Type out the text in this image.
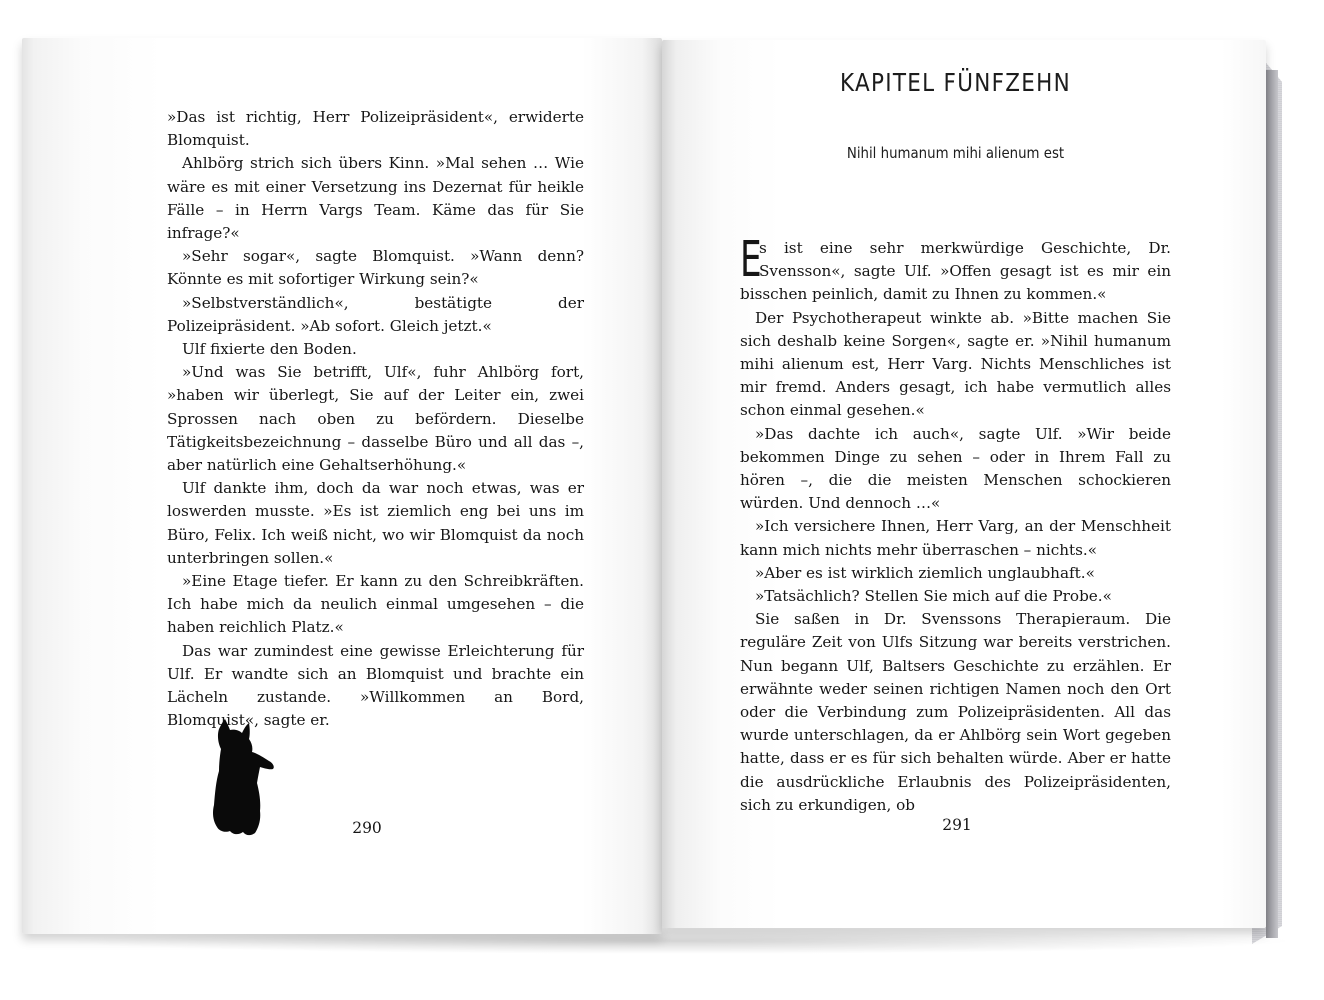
»Das ist richtig, Herr Polizeipräsident«, erwiderte Blomquist.

Ahlbörg strich sich übers Kinn. »Mal sehen … Wie wäre es mit einer Versetzung ins Dezernat für heikle Fälle – in Herrn Vargs Team. Käme das für Sie infrage?«

»Sehr sogar«, sagte Blomquist. »Wann denn? Könnte es mit sofortiger Wirkung sein?«

»Selbstverständlich«, bestätigte der Polizeipräsident. »Ab sofort. Gleich jetzt.«

Ulf fixierte den Boden.

»Und was Sie betrifft, Ulf«, fuhr Ahlbörg fort, »haben wir überlegt, Sie auf der Leiter ein, zwei Sprossen nach oben zu befördern. Dieselbe Tätigkeitsbezeichnung – dasselbe Büro und all das –, aber natürlich eine Gehaltserhöhung.«

Ulf dankte ihm, doch da war noch etwas, was er loswerden musste. »Es ist ziemlich eng bei uns im Büro, Felix. Ich weiß nicht, wo wir Blomquist da noch unterbringen sollen.«

»Eine Etage tiefer. Er kann zu den Schreibkräften. Ich habe mich da neulich einmal umgesehen – die haben reichlich Platz.«

Das war zumindest eine gewisse Erleichterung für Ulf. Er wandte sich an Blomquist und brachte ein Lächeln zustande. »Willkommen an Bord, Blomquist«, sagte er.

290
KAPITEL FÜNFZEHN
Nihil humanum mihi alienum est

E
s ist eine sehr merkwürdige Geschichte, Dr. Svensson«, sagte Ulf. »Offen gesagt ist es mir ein bisschen peinlich, damit zu Ihnen zu kommen.«

Der Psychotherapeut winkte ab. »Bitte machen Sie sich deshalb keine Sorgen«, sagte er. »Nihil humanum mihi alienum est, Herr Varg. Nichts Menschliches ist mir fremd. Anders gesagt, ich habe vermutlich alles schon einmal gesehen.«

»Das dachte ich auch«, sagte Ulf. »Wir beide bekommen Dinge zu sehen – oder in Ihrem Fall zu hören –, die die meisten Menschen schockieren würden. Und dennoch …«

»Ich versichere Ihnen, Herr Varg, an der Menschheit kann mich nichts mehr überraschen – nichts.«

»Aber es ist wirklich ziemlich unglaubhaft.«

»Tatsächlich? Stellen Sie mich auf die Probe.«

Sie saßen in Dr. Svenssons Therapieraum. Die reguläre Zeit von Ulfs Sitzung war bereits verstrichen. Nun begann Ulf, Baltsers Geschichte zu erzählen. Er erwähnte weder seinen richtigen Namen noch den Ort oder die Verbindung zum Polizeipräsidenten. All das wurde unterschlagen, da er Ahlbörg sein Wort gegeben hatte, dass er es für sich behalten würde. Aber er hatte die ausdrückliche Erlaubnis des Polizeipräsidenten, sich zu erkundigen, ob

291
